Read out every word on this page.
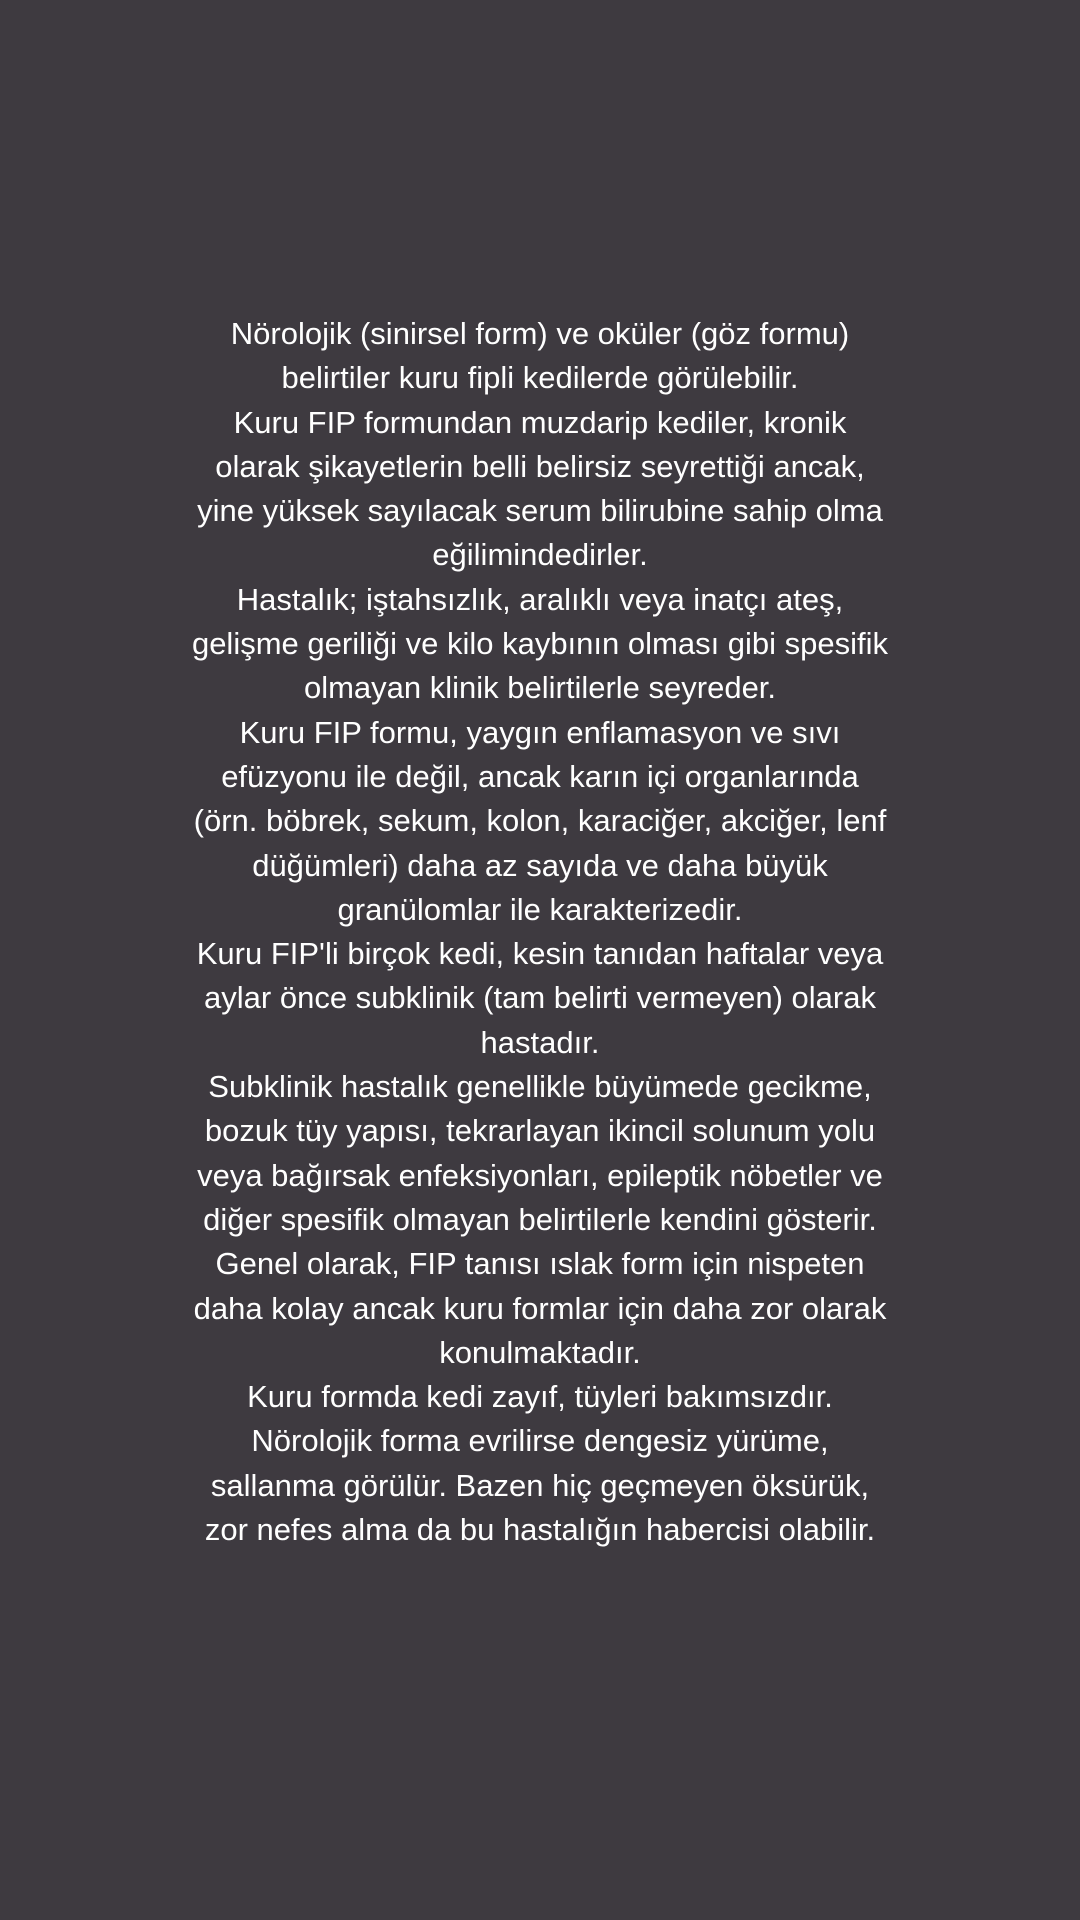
Nörolojik (sinirsel form) ve oküler (göz formu) belirtiler kuru fipli kedilerde görülebilir.

Kuru FIP formundan muzdarip kediler, kronik olarak şikayetlerin belli belirsiz seyrettiği ancak, yine yüksek sayılacak serum bilirubine sahip olma eğilimindedirler.

Hastalık; iştahsızlık, aralıklı veya inatçı ateş, gelişme geriliği ve kilo kaybının olması gibi spesifik olmayan klinik belirtilerle seyreder.

Kuru FIP formu, yaygın enflamasyon ve sıvı efüzyonu ile değil, ancak karın içi organlarında (örn. böbrek, sekum, kolon, karaciğer, akciğer, lenf düğümleri) daha az sayıda ve daha büyük granülomlar ile karakterizedir.

Kuru FIP'li birçok kedi, kesin tanıdan haftalar veya aylar önce subklinik (tam belirti vermeyen) olarak hastadır.

Subklinik hastalık genellikle büyümede gecikme, bozuk tüy yapısı, tekrarlayan ikincil solunum yolu veya bağırsak enfeksiyonları, epileptik nöbetler ve diğer spesifik olmayan belirtilerle kendini gösterir.

Genel olarak, FIP tanısı ıslak form için nispeten daha kolay ancak kuru formlar için daha zor olarak konulmaktadır.

Kuru formda kedi zayıf, tüyleri bakımsızdır. Nörolojik forma evrilirse dengesiz yürüme, sallanma görülür. Bazen hiç geçmeyen öksürük, zor nefes alma da bu hastalığın habercisi olabilir.
